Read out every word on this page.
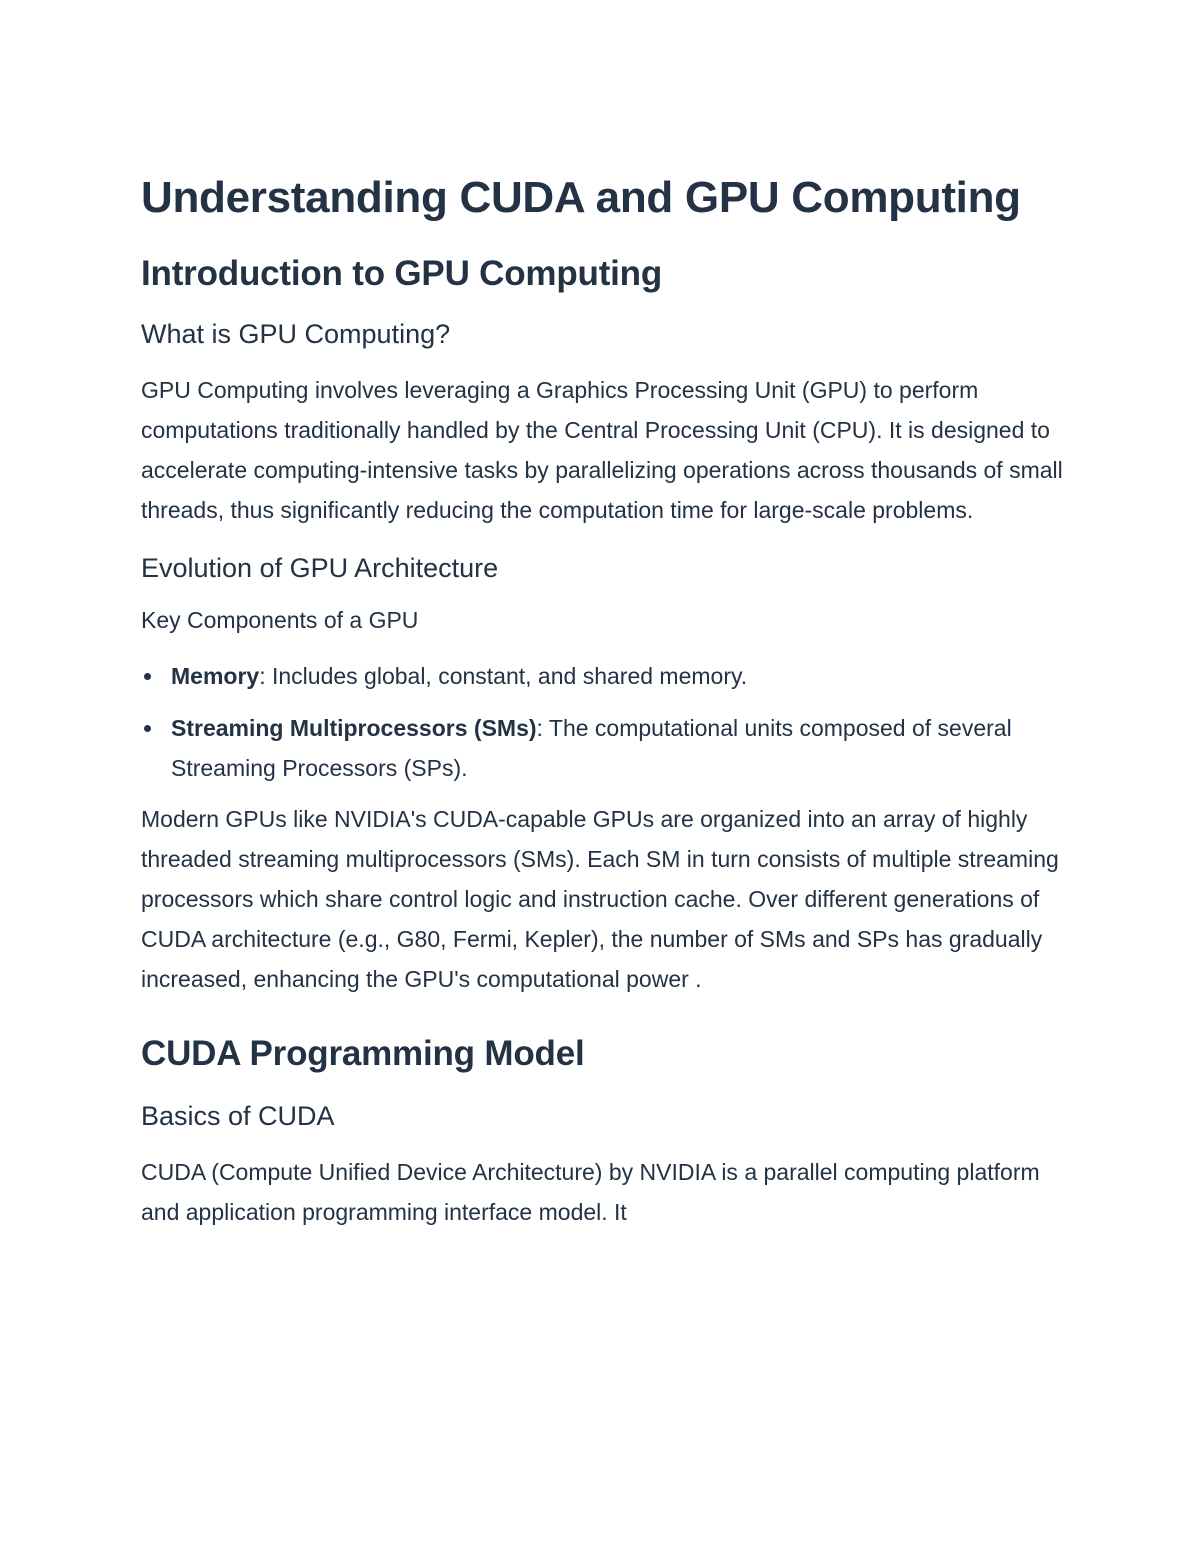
Understanding CUDA and GPU Computing
Introduction to GPU Computing
What is GPU Computing?

GPU Computing involves leveraging a Graphics Processing Unit (GPU) to perform computations traditionally handled by the Central Processing Unit (CPU). It is designed to accelerate computing-intensive tasks by parallelizing operations across thousands of small threads, thus significantly reducing the computation time for large-scale problems.

Evolution of GPU Architecture
Key Components of a GPU
Memory: Includes global, constant, and shared memory.
Streaming Multiprocessors (SMs): The computational units composed of several Streaming Processors (SPs).

Modern GPUs like NVIDIA's CUDA-capable GPUs are organized into an array of highly threaded streaming multiprocessors (SMs). Each SM in turn consists of multiple streaming processors which share control logic and instruction cache. Over different generations of CUDA architecture (e.g., G80, Fermi, Kepler), the number of SMs and SPs has gradually increased, enhancing the GPU's computational power .

CUDA Programming Model
Basics of CUDA

CUDA (Compute Unified Device Architecture) by NVIDIA is a parallel computing platform and application programming interface model. It
